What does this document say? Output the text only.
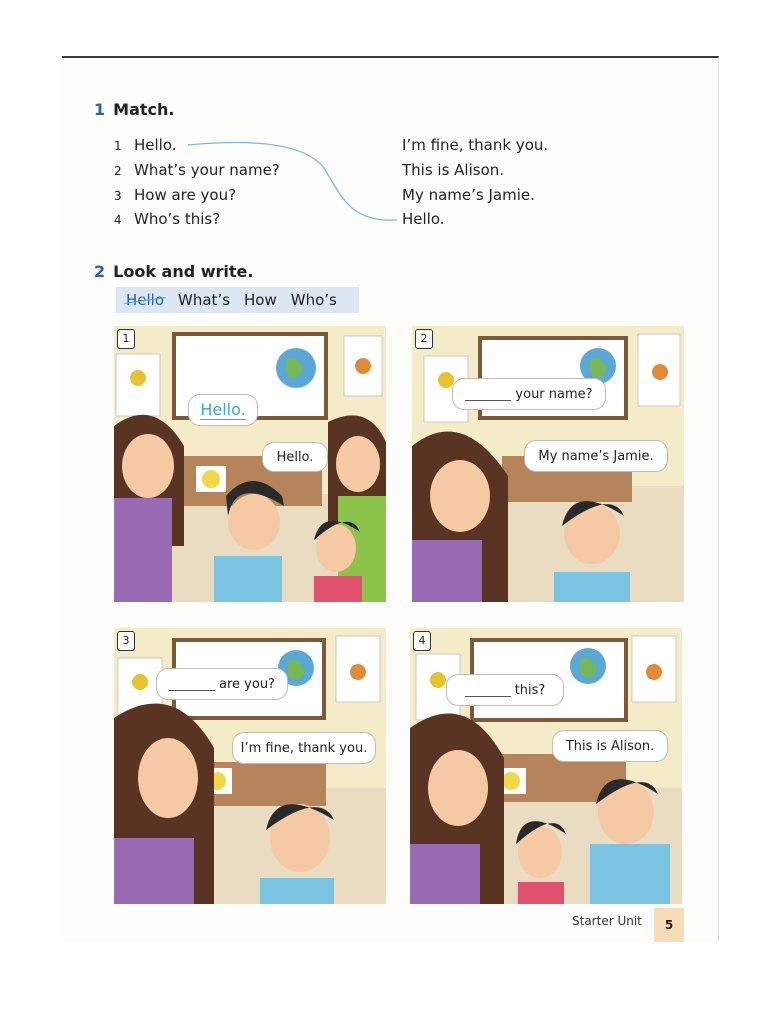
1 Match.
1 Hello.
2 What’s your name?
3 How are you?
4 Who’s this?
I’m fine, thank you.
This is Alison.
My name’s Jamie.
Hello.
2 Look and write.
Hello What’s How Who’s
1
Hello.
Hello.
2
your name?
My name’s Jamie.
3
are you?
I’m fine, thank you.
4
this?
This is Alison.
Starter Unit	5
